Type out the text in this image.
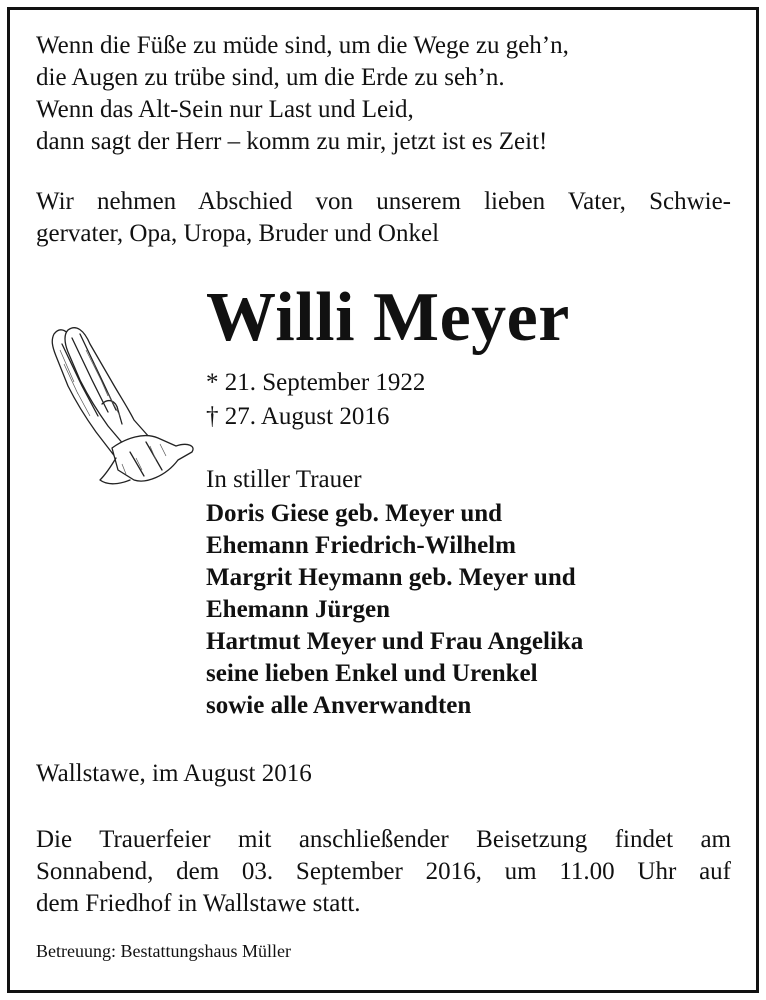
Wenn die Füße zu müde sind, um die Wege zu geh’n,
die Augen zu trübe sind, um die Erde zu seh’n.
Wenn das Alt-Sein nur Last und Leid,
dann sagt der Herr – komm zu mir, jetzt ist es Zeit!
Wir nehmen Abschied von unserem lieben Vater, Schwie-
gervater, Opa, Uropa, Bruder und Onkel
Willi Meyer
* 21. September 1922
† 27. August 2016
In stiller Trauer
Doris Giese geb. Meyer und
Ehemann Friedrich-Wilhelm
Margrit Heymann geb. Meyer und
Ehemann Jürgen
Hartmut Meyer und Frau Angelika
seine lieben Enkel und Urenkel
sowie alle Anverwandten
Wallstawe, im August 2016
Die Trauerfeier mit anschließender Beisetzung findet am
Sonnabend, dem 03. September 2016, um 11.00 Uhr auf
dem Friedhof in Wallstawe statt.
Betreuung: Bestattungshaus Müller
